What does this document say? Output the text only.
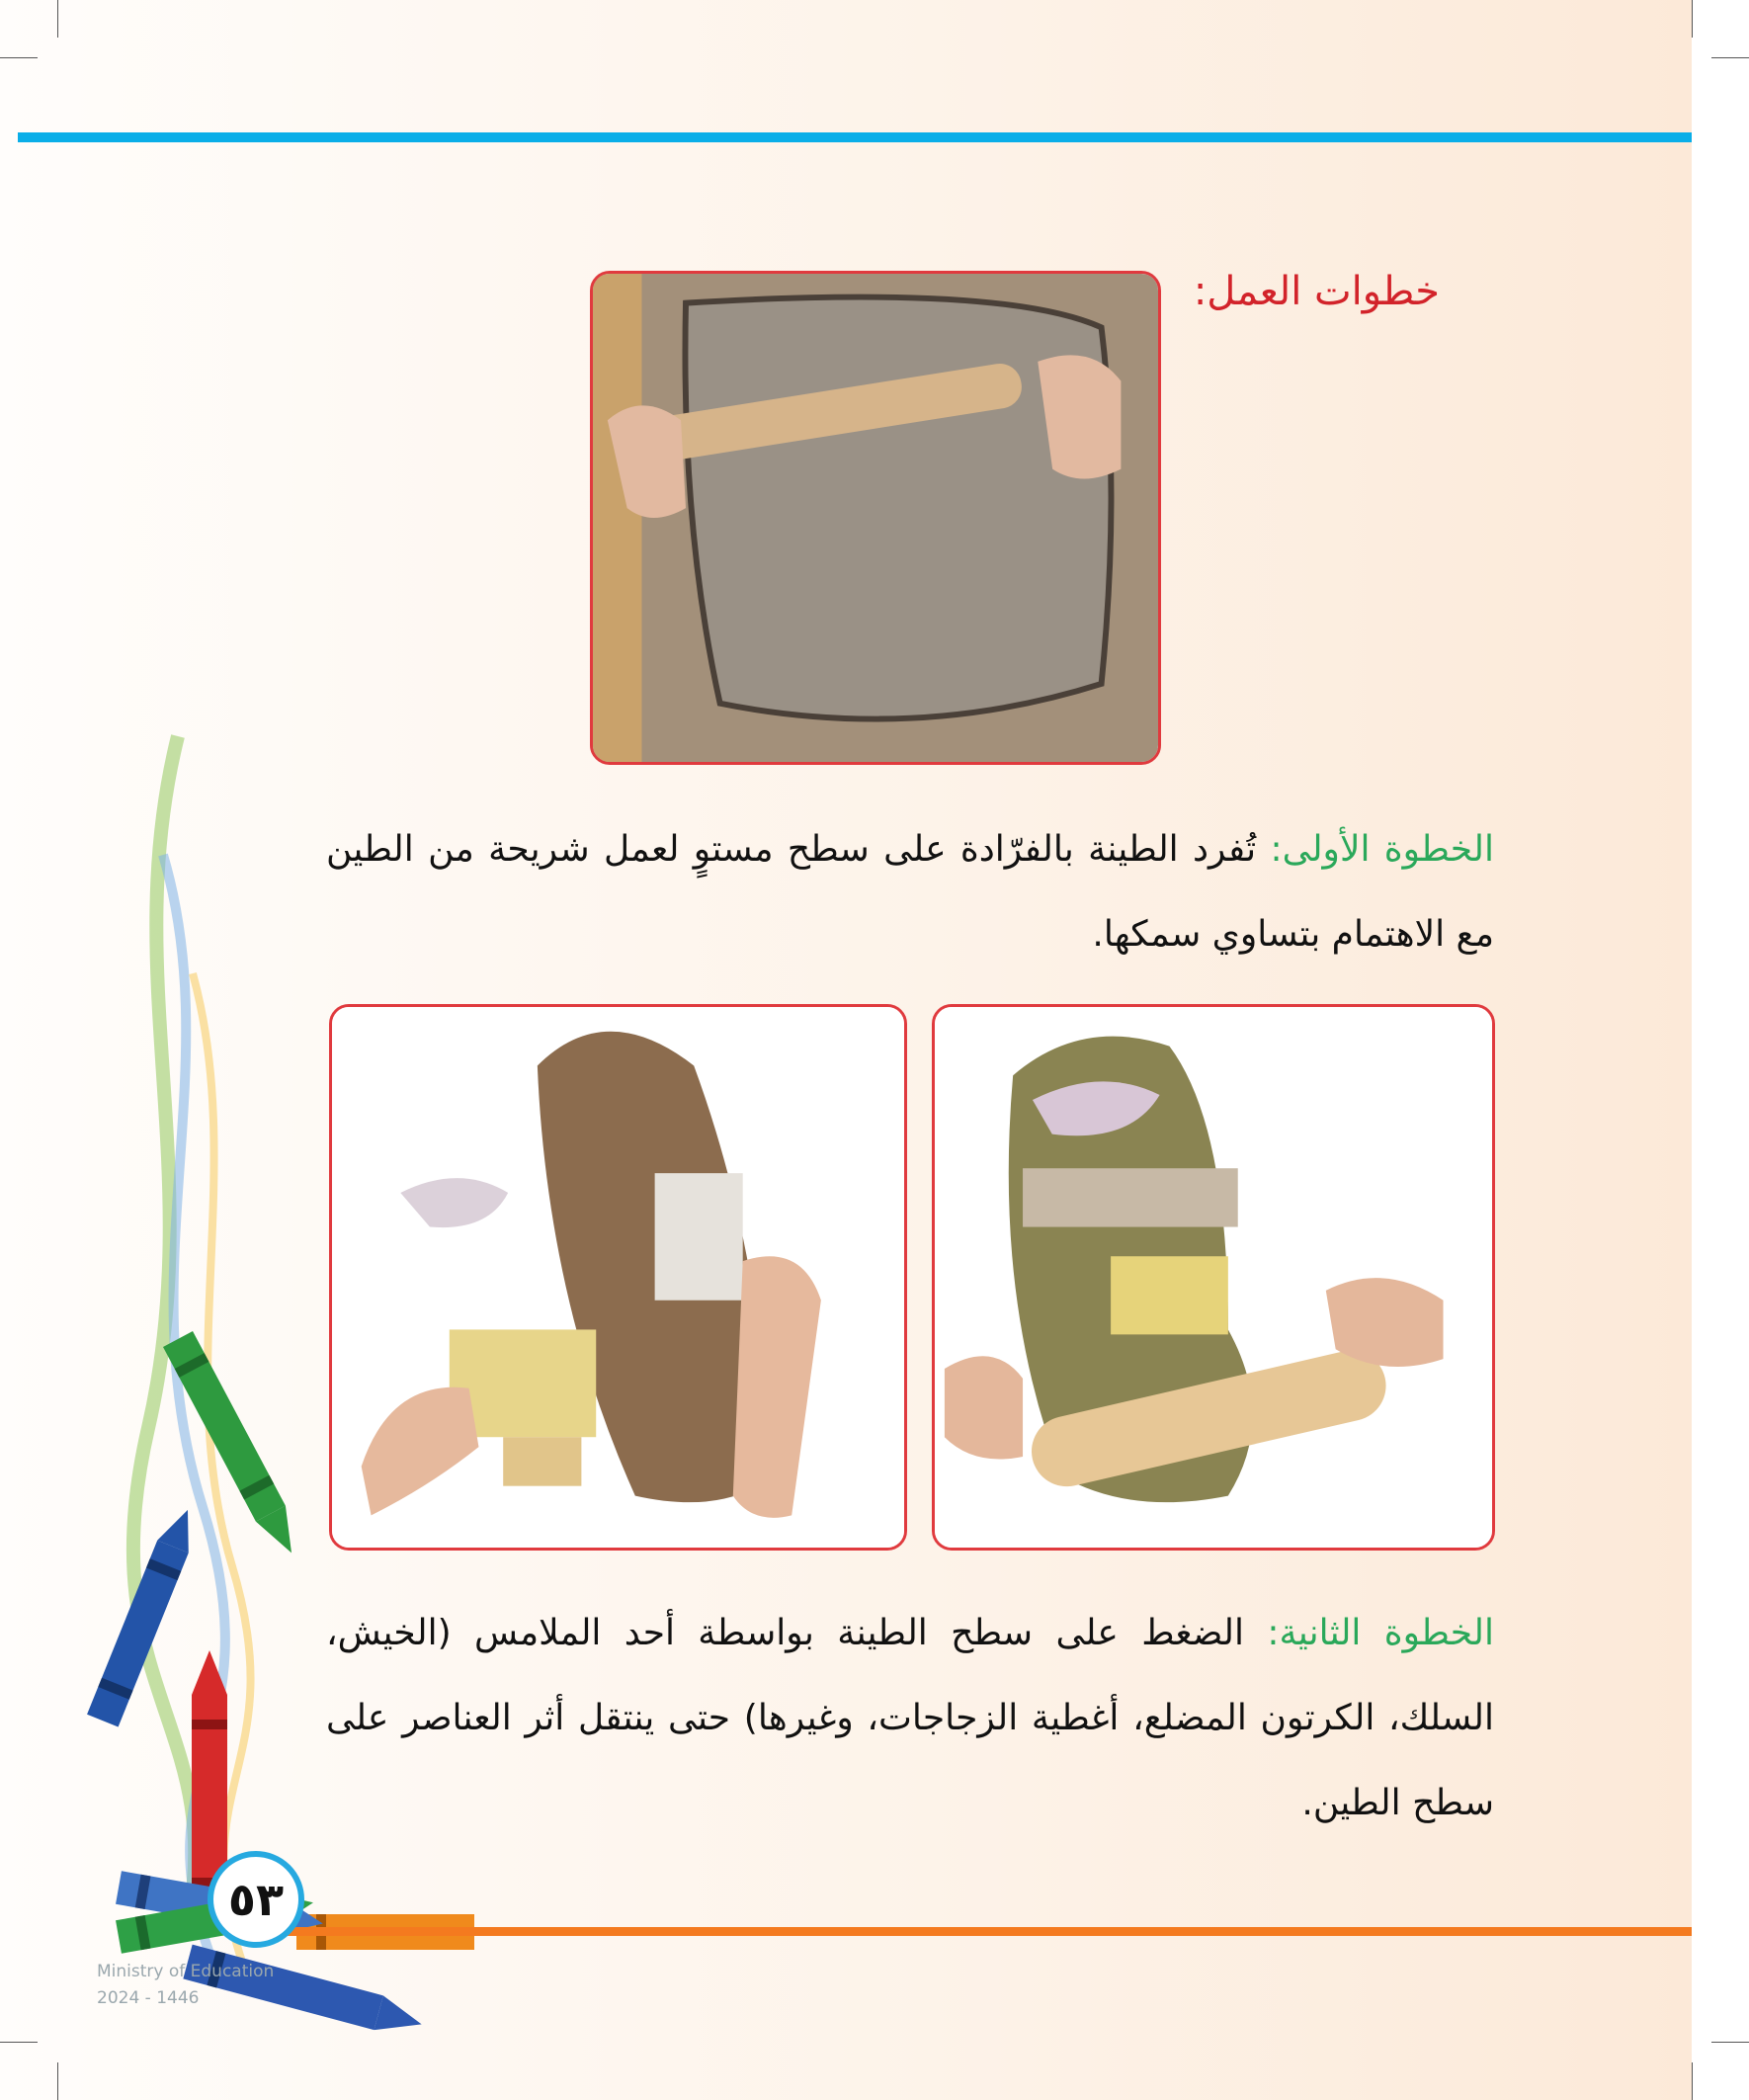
خطوات العمل:
الخطوة الأولى: تُفرد الطينة بالفرّادة على سطح مستوٍ لعمل شريحة من الطين مع الاهتمام بتساوي سمكها.
الخطوة الثانية: الضغط على سطح الطينة بواسطة أحد الملامس (الخيش، السلك، الكرتون المضلع، أغطية الزجاجات، وغيرها) حتى ينتقل أثر العناصر على سطح الطين.
٥٣
Ministry of Education
2024 - 1446
